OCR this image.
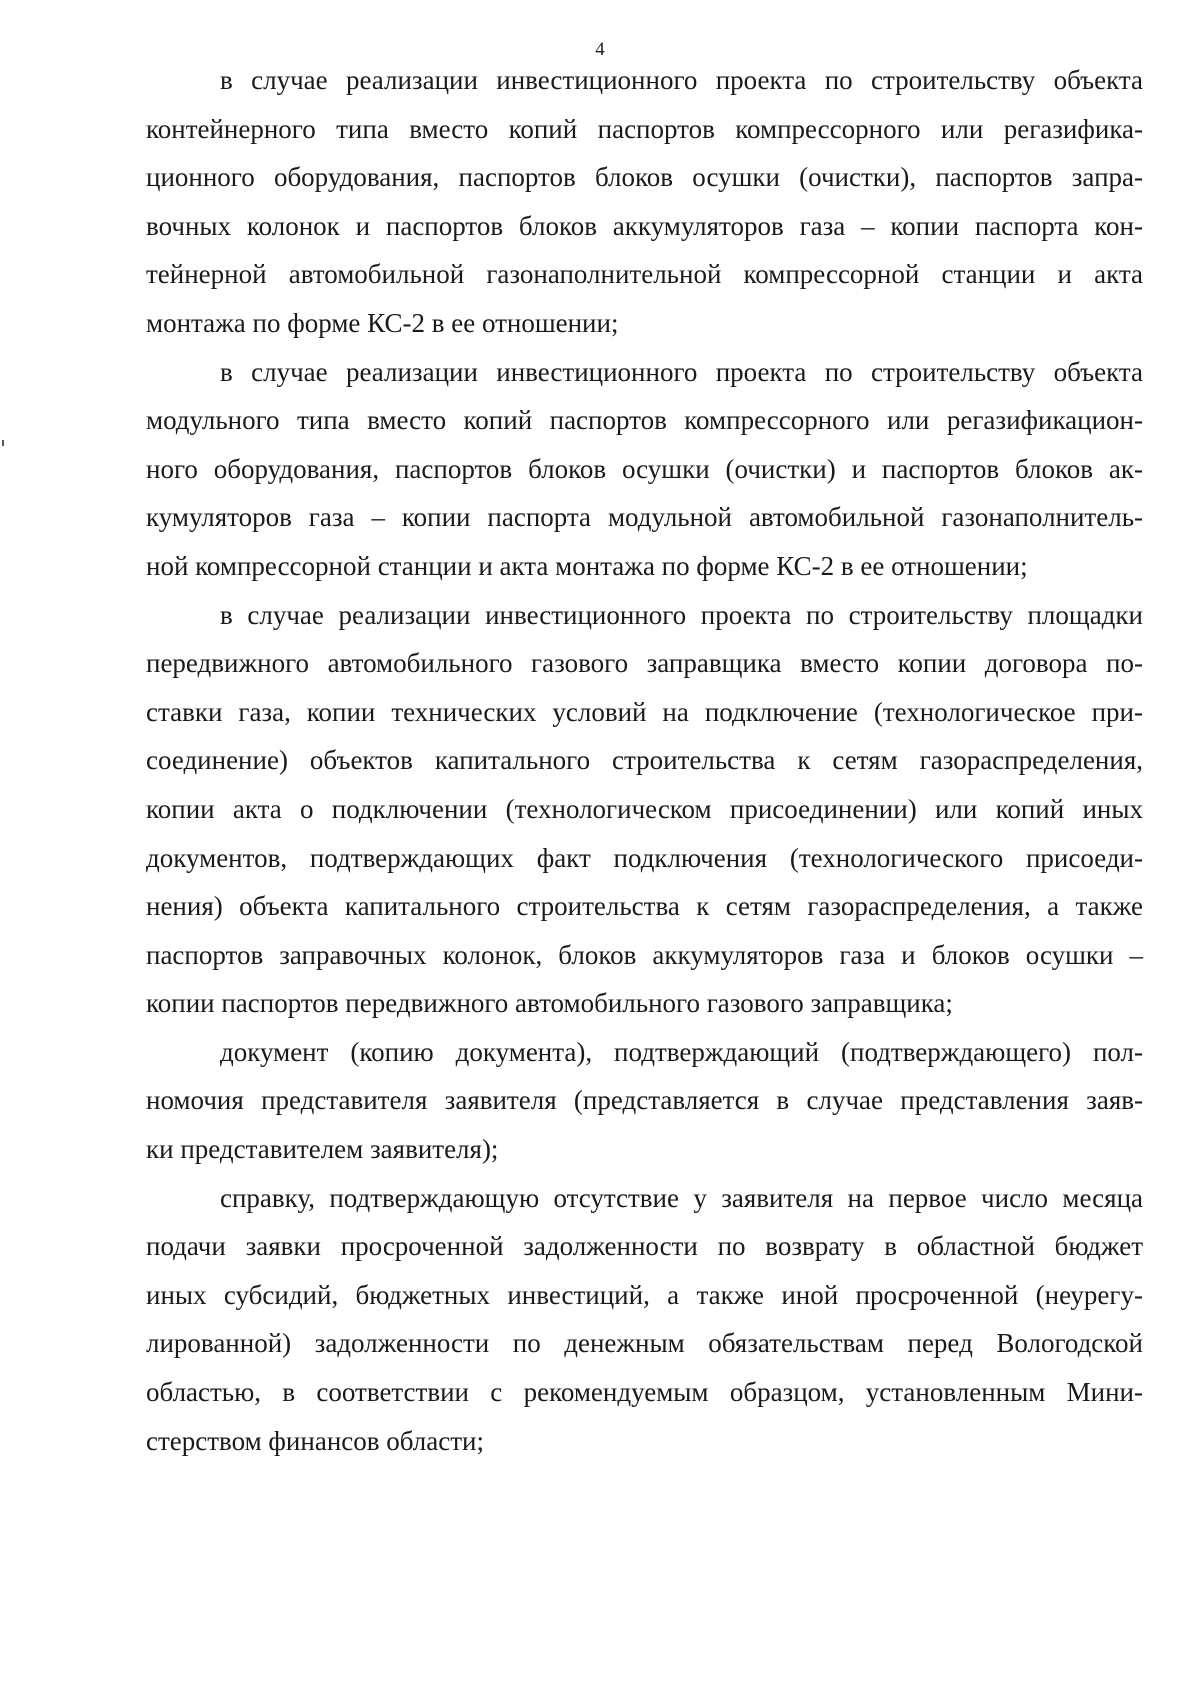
4
в случае реализации инвестиционного проекта по строительству объекта
контейнерного типа вместо копий паспортов компрессорного или регазифика-
ционного оборудования, паспортов блоков осушки (очистки), паспортов запра-
вочных колонок и паспортов блоков аккумуляторов газа – копии паспорта кон-
тейнерной автомобильной газонаполнительной компрессорной станции и акта
монтажа по форме КС-2 в ее отношении;
в случае реализации инвестиционного проекта по строительству объекта
модульного типа вместо копий паспортов компрессорного или регазификацион-
ного оборудования, паспортов блоков осушки (очистки) и паспортов блоков ак-
кумуляторов газа – копии паспорта модульной автомобильной газонаполнитель-
ной компрессорной станции и акта монтажа по форме КС-2 в ее отношении;
в случае реализации инвестиционного проекта по строительству площадки
передвижного автомобильного газового заправщика вместо копии договора по-
ставки газа, копии технических условий на подключение (технологическое при-
соединение) объектов капитального строительства к сетям газораспределения,
копии акта о подключении (технологическом присоединении) или копий иных
документов, подтверждающих факт подключения (технологического присоеди-
нения) объекта капитального строительства к сетям газораспределения, а также
паспортов заправочных колонок, блоков аккумуляторов газа и блоков осушки –
копии паспортов передвижного автомобильного газового заправщика;
документ (копию документа), подтверждающий (подтверждающего) пол-
номочия представителя заявителя (представляется в случае представления заяв-
ки представителем заявителя);
справку, подтверждающую отсутствие у заявителя на первое число месяца
подачи заявки просроченной задолженности по возврату в областной бюджет
иных субсидий, бюджетных инвестиций, а также иной просроченной (неурегу-
лированной) задолженности по денежным обязательствам перед Вологодской
областью, в соответствии с рекомендуемым образцом, установленным Мини-
стерством финансов области;
